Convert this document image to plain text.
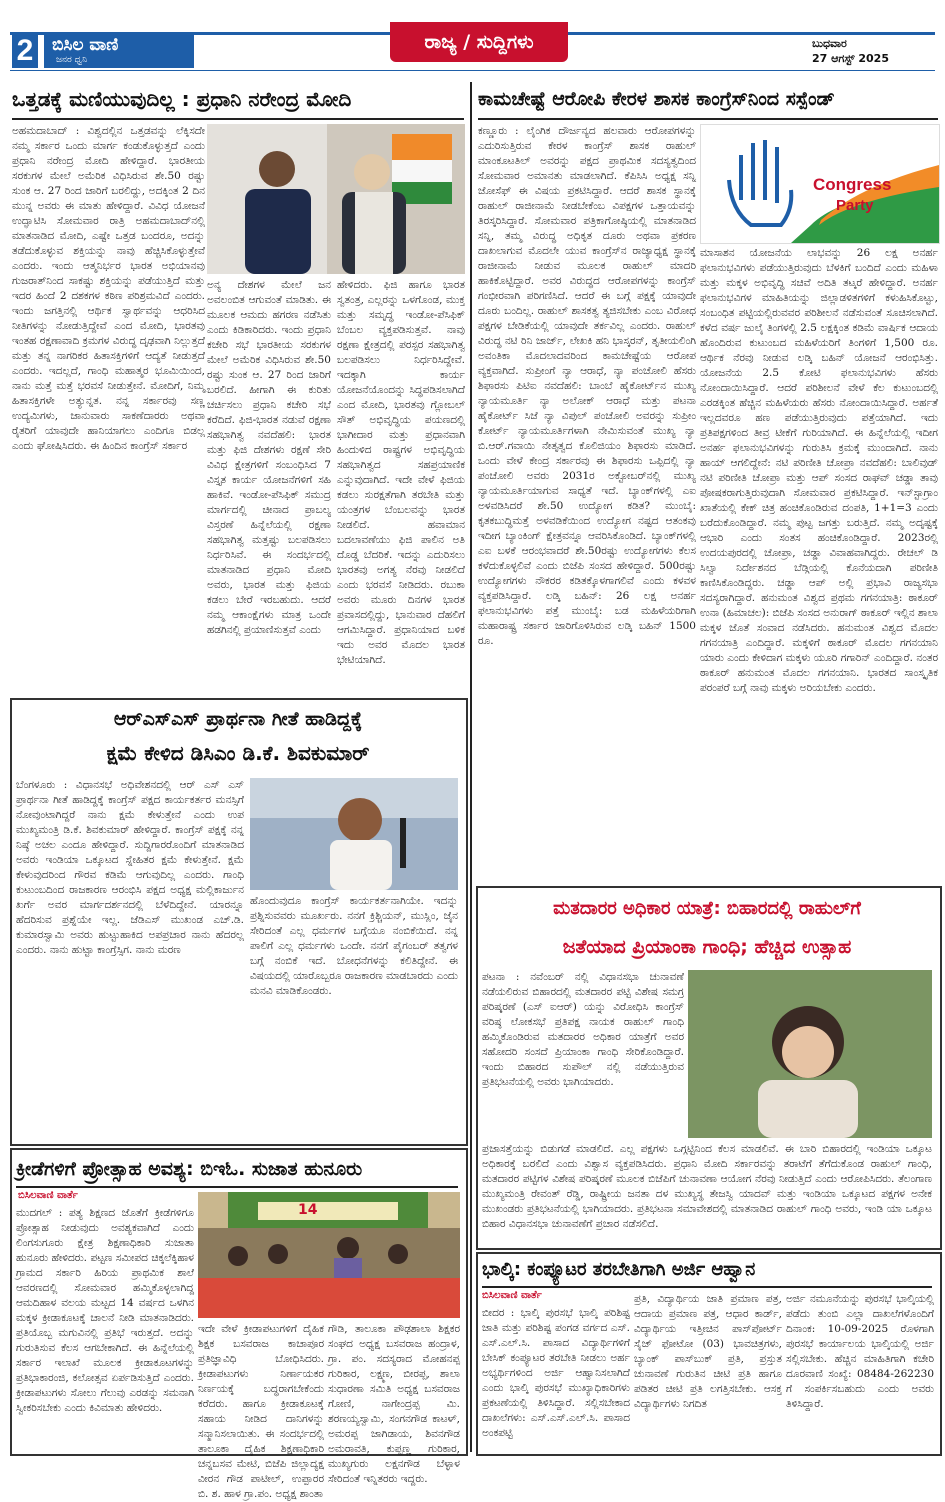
2 ಬಿಸಿಲ ವಾಣಿ
ಜನರ ಧ್ವನಿ
ರಾಜ್ಯ / ಸುದ್ದಿಗಳು	ಬುಧವಾರ
27 ಆಗಸ್ಟ್ 2025
ಒತ್ತಡಕ್ಕೆ ಮಣಿಯುವುದಿಲ್ಲ : ಪ್ರಧಾನಿ ನರೇಂದ್ರ ಮೋದಿ
ಅಹಮದಾಬಾದ್ : ವಿಶ್ವದಲ್ಲಿನ ಒತ್ತಡವನ್ನು ಲೆಕ್ಕಿಸದೇ ನಮ್ಮ ಸರ್ಕಾರ ಒಂದು ಮಾರ್ಗ ಕಂಡುಕೊಳ್ಳುತ್ತದೆ ಎಂದು ಪ್ರಧಾನಿ ನರೇಂದ್ರ ಮೋದಿ ಹೇಳಿದ್ದಾರೆ. ಭಾರತೀಯ ಸರಕುಗಳ ಮೇಲೆ ಅಮೆರಿಕ ವಿಧಿಸಿರುವ ಶೇ.50 ರಷ್ಟು ಸುಂಕ ಆ. 27 ರಿಂದ ಜಾರಿಗೆ ಬರಲಿದ್ದು, ಅದಕ್ಕಿಂತ 2 ದಿನ ಮುನ್ನ ಅವರು ಈ ಮಾತು ಹೇಳಿದ್ದಾರೆ. ವಿವಿಧ ಯೋಜನೆ ಉದ್ಘಾಟಿಸಿ ಸೋಮವಾರ ರಾತ್ರಿ ಅಹಮದಾಬಾದ್‌ನಲ್ಲಿ ಮಾತನಾಡಿದ ಮೋದಿ, ಎಷ್ಟೇ ಒತ್ತಡ ಬಂದರೂ, ಅದನ್ನು ತಡೆದುಕೊಳ್ಳುವ ಶಕ್ತಿಯನ್ನು ನಾವು ಹೆಚ್ಚಿಸಿಕೊಳ್ಳುತ್ತೇವೆ ಎಂದರು. ಇಂದು ಆತ್ಮನಿರ್ಭರ ಭಾರತ ಅಭಿಯಾನವು ಗುಜರಾತ್‌ನಿಂದ ಸಾಕಷ್ಟು ಶಕ್ತಿಯನ್ನು ಪಡೆಯುತ್ತಿದೆ ಮತ್ತು ಇದರ ಹಿಂದೆ 2 ದಶಕಗಳ ಕಠಿಣ ಪರಿಶ್ರಮವಿದೆ ಎಂದರು. ಇಂದು ಜಗತ್ತಿನಲ್ಲಿ ಆರ್ಥಿಕ ಸ್ವಾರ್ಥವನ್ನು ಆಧರಿಸಿದ ನೀತಿಗಳನ್ನು ನೋಡುತ್ತಿದ್ದೇವೆ ಎಂದ ಮೋದಿ, ಭಾರತವು ಇಂತಹ ರಕ್ಷಣಾವಾದಿ ಕ್ರಮಗಳ ವಿರುದ್ಧ ದೃಢವಾಗಿ ನಿಲ್ಲುತ್ತದೆ ಮತ್ತು ತನ್ನ ನಾಗರಿಕರ ಹಿತಾಸಕ್ತಿಗಳಿಗೆ ಆದ್ಯತೆ ನೀಡುತ್ತದೆ ಎಂದರು. ಇದಲ್ಲದೆ, ಗಾಂಧಿ ಮಹಾತ್ಮರ ಭೂಮಿಯಿಂದ, ನಾನು ಮತ್ತೆ ಮತ್ತೆ ಭರವಸೆ ನೀಡುತ್ತೇನೆ. ಮೋದಿಗೆ, ನಿಮ್ಮ ಹಿತಾಸಕ್ತಿಗಳೇ ಅತ್ಯುನ್ನತ. ನನ್ನ ಸರ್ಕಾರವು ಸಣ್ಣ ಉದ್ಯಮಿಗಳು, ಜಾನುವಾರು ಸಾಕಣೆದಾರರು ಅಥವಾ ರೈತರಿಗೆ ಯಾವುದೇ ಹಾನಿಯಾಗಲು ಎಂದಿಗೂ ಬಿಡಲ್ಲ ಎಂದು ಘೋಷಿಸಿದರು. ಈ ಹಿಂದಿನ ಕಾಂಗ್ರೆಸ್ ಸರ್ಕಾರ
ಅನ್ಯ ದೇಶಗಳ ಮೇಲೆ ಜನ ಅವಲಂಬಿತ ಆಗುವಂತೆ ಮಾಡಿತು. ಈ ಮೂಲಕ ಆಮದು ಹಗರಣ ನಡೆಸಿತು ಎಂದು ಕಿಡಿಕಾರಿದರು. ಇಂದು ಪ್ರಧಾನಿ ಕಚೇರಿ ಸಭೆ ಭಾರತೀಯ ಸರಕುಗಳ ಮೇಲೆ ಅಮೆರಿಕ ವಿಧಿಸಿರುವ ಶೇ.50 ರಷ್ಟು ಸುಂಕ ಆ. 27 ರಿಂದ ಜಾರಿಗೆ ಬರಲಿದೆ. ಹೀಗಾಗಿ ಈ ಕುರಿತು ಚರ್ಚಿಸಲು ಪ್ರಧಾನಿ ಕಚೇರಿ ಸಭೆ ಕರೆದಿದೆ. ಫಿಜಿ-ಭಾರತ ನಡುವೆ ರಕ್ಷಣಾ ಸಹಭಾಗಿತ್ವ ನವದೆಹಲಿ: ಭಾರತ ಮತ್ತು ಫಿಜಿ ದೇಶಗಳು ರಕ್ಷಣೆ ಸೇರಿ ವಿವಿಧ ಕ್ಷೇತ್ರಗಳಿಗೆ ಸಂಬಂಧಿಸಿದ 7 ವಿಸ್ತೃತ ಕಾರ್ಯ ಯೋಜನೆಗಳಿಗೆ ಸಹಿ ಹಾಕಿವೆ. ಇಂಡೋ-ಪೆಸಿಫಿಕ್ ಸಮುದ್ರ ಮಾರ್ಗದಲ್ಲಿ ಚೀನಾದ ಪ್ರಾಬಲ್ಯ ವಿಸ್ತರಣೆ ಹಿನ್ನೆಲೆಯಲ್ಲಿ ರಕ್ಷಣಾ ಸಹಭಾಗಿತ್ವ ಮತ್ತಷ್ಟು ಬಲಪಡಿಸಲು ನಿರ್ಧರಿಸಿವೆ. ಈ ಸಂದರ್ಭದಲ್ಲಿ ಮಾತನಾಡಿದ ಪ್ರಧಾನಿ ಮೋದಿ ಅವರು, ಭಾರತ ಮತ್ತು ಫಿಜಿಯ ಕಡಲು ಬೇರೆ ಇರಬಹುದು. ಆದರೆ ನಮ್ಮ ಆಕಾಂಕ್ಷೆಗಳು ಮಾತ್ರ ಒಂದೇ ಹಡಗಿನಲ್ಲಿ ಪ್ರಯಾಣಿಸುತ್ತವೆ ಎಂದು
ಹೇಳಿದರು. ಫಿಜಿ ಹಾಗೂ ಭಾರತ ಸ್ವತಂತ್ರ, ಎಲ್ಲರನ್ನು ಒಳಗೊಂಡ, ಮುಕ್ತ ಮತ್ತು ಸಮೃದ್ಧ ಇಂಡೋ-ಪೆಸಿಫಿಕ್ ಬೆಂಬಲ ವ್ಯಕ್ತಪಡಿಸುತ್ತವೆ. ನಾವು ರಕ್ಷಣಾ ಕ್ಷೇತ್ರದಲ್ಲಿ ಪರಸ್ಪರ ಸಹಭಾಗಿತ್ವ ಬಲಪಡಿಸಲು ನಿರ್ಧರಿಸಿದ್ದೇವೆ. ಇದಕ್ಕಾಗಿ ಕಾರ್ಯ ಯೋಜನೆಯೊಂದನ್ನು ಸಿದ್ಧಪಡಿಸಲಾಗಿದೆ ಎಂದ ಮೋದಿ, ಭಾರತವು ಗ್ಲೋಬಲ್ ಸೌತ್ ಅಭಿವೃದ್ಧಿಯ ಪಯಣದಲ್ಲಿ ಭಾಗೀದಾರ ಮತ್ತು ಪ್ರಧಾನವಾಗಿ ಹಿಂದುಳಿದ ರಾಷ್ಟ್ರಗಳ ಅಭಿವೃದ್ಧಿಯ ಸಹಭಾಗಿತ್ವದ ಸಹಪ್ರಯಾಣಿಕ ಎನ್ನುವುದಾಗಿದೆ. ಇದೇ ವೇಳೆ ಫಿಜಿಯ ಕಡಲು ಸುರಕ್ಷತೆಗಾಗಿ ತರಬೇತಿ ಮತ್ತು ಯಂತ್ರಗಳ ಬೆಂಬಲವನ್ನು ಭಾರತ ನೀಡಲಿದೆ. ಹವಾಮಾನ ಬದಲಾವಣೆಯು ಫಿಜಿ ಪಾಲಿನ ಅತಿ ದೊಡ್ಡ ಬೆದರಿಕೆ. ಇದನ್ನು ಎದುರಿಸಲು ಭಾರತವು ಅಗತ್ಯ ನೆರವು ನೀಡಲಿದೆ ಎಂದು ಭರವಸೆ ನೀಡಿದರು. ರಬುಕಾ ಅವರು ಮೂರು ದಿನಗಳ ಭಾರತ ಪ್ರವಾಸದಲ್ಲಿದ್ದು, ಭಾನುವಾರ ದೆಹಲಿಗೆ ಆಗಮಿಸಿದ್ದಾರೆ. ಪ್ರಧಾನಿಯಾದ ಬಳಿಕ ಇದು ಅವರ ಮೊದಲ ಭಾರತ ಭೇಟಿಯಾಗಿದೆ.
ಕಾಮಚೇಷ್ಟೆ ಆರೋಪಿ ಕೇರಳ ಶಾಸಕ ಕಾಂಗ್ರೆಸ್‌ನಿಂದ ಸಸ್ಪೆಂಡ್
ಕಣ್ಣೂರು : ಲೈಂಗಿಕ ದೌರ್ಜನ್ಯದ ಹಲವಾರು ಆರೋಪಗಳನ್ನು ಎದುರಿಸುತ್ತಿರುವ ಕೇರಳ ಕಾಂಗ್ರೆಸ್ ಶಾಸಕ ರಾಹುಲ್ ಮಾಂಕೂಟತಿಲ್ ಅವರನ್ನು ಪಕ್ಷದ ಪ್ರಾಥಮಿಕ ಸದಸ್ಯತ್ವದಿಂದ ಸೋಮವಾರ ಅಮಾನತು ಮಾಡಲಾಗಿದೆ. ಕೆಪಿಸಿಸಿ ಅಧ್ಯಕ್ಷ ಸನ್ನಿ ಜೋಸೆಫ್ ಈ ವಿಷಯ ಪ್ರಕಟಿಸಿದ್ದಾರೆ. ಆದರೆ ಶಾಸಕ ಸ್ಥಾನಕ್ಕೆ ರಾಹುಲ್ ರಾಜೀನಾಮೆ ನೀಡಬೇಕೆಂಬ ವಿಪಕ್ಷಗಳ ಒತ್ತಾಯವನ್ನು ತಿರಸ್ಕರಿಸಿದ್ದಾರೆ. ಸೋಮವಾರ ಪತ್ರಿಕಾಗೋಷ್ಠಿಯಲ್ಲಿ ಮಾತನಾಡಿದ ಸನ್ನಿ, ತಮ್ಮ ವಿರುದ್ಧ ಅಧಿಕೃತ ದೂರು ಅಥವಾ ಪ್ರಕರಣ ದಾಖಲಾಗುವ ಮೊದಲೇ ಯುವ ಕಾಂಗ್ರೆಸ್‌ನ ರಾಜ್ಯಾಧ್ಯಕ್ಷ ಸ್ಥಾನಕ್ಕೆ ರಾಜೀನಾಮೆ ನೀಡುವ ಮೂಲಕ ರಾಹುಲ್ ಮಾದರಿ ಹಾಕಿಕೊಟ್ಟಿದ್ದಾರೆ. ಅವರ ವಿರುದ್ಧದ ಆರೋಪಗಳನ್ನು ಕಾಂಗ್ರೆಸ್ ಗಂಭೀರವಾಗಿ ಪರಿಗಣಿಸಿದೆ. ಆದರೆ ಈ ಬಗ್ಗೆ ಪಕ್ಷಕ್ಕೆ ಯಾವುದೇ ದೂರು ಬಂದಿಲ್ಲ. ರಾಹುಲ್ ಶಾಸಕತ್ವ ತ್ಯಜಿಸಬೇಕು ಎಂಬ ವಿರೋಧ ಪಕ್ಷಗಳ ಬೇಡಿಕೆಯಲ್ಲಿ ಯಾವುದೇ ತರ್ಕವಿಲ್ಲ ಎಂದರು. ರಾಹುಲ್ ವಿರುದ್ಧ ನಟಿ ರಿನಿ ಜಾರ್ಜ್, ಲೇಖಕಿ ಹನಿ ಭಾಸ್ಕರನ್, ತೃತೀಯಲಿಂಗಿ ಅವಂತಿಕಾ ಮೊದಲಾದವರಿಂದ ಕಾಮಚೇಷ್ಟೆಯ ಆರೋಪ ವ್ಯಕ್ತವಾಗಿದೆ. ಸುಪ್ರೀಂಗೆ ನ್ಯಾ ಆರಾಧೆ, ನ್ಯಾ ಪಂಚೋಲಿ ಹೆಸರು ಶಿಫಾರಸು ಪಿಟಿಐ ನವದೆಹಲಿ: ಬಾಂಬೆ ಹೈಕೋರ್ಟ್‌ನ ಮುಖ್ಯ ನ್ಯಾಯಮೂರ್ತಿ ನ್ಯಾ ಅಲೋಕ್ ಆರಾಧೆ ಮತ್ತು ಪಟನಾ ಹೈಕೋರ್ಟ್ ಸಿಜೆ ನ್ಯಾ ವಿಪುಲ್ ಪಂಚೋಲಿ ಅವರನ್ನು ಸುಪ್ರೀಂ ಕೋರ್ಟ್ ನ್ಯಾಯಮೂರ್ತಿಗಳಾಗಿ ನೇಮಿಸುವಂತೆ ಮುಖ್ಯ ನ್ಯಾ ಬಿ.ಆರ್.ಗವಾಯಿ ನೇತೃತ್ವದ ಕೊಲಿಜಿಯಂ ಶಿಫಾರಸು ಮಾಡಿದೆ. ಒಂದು ವೇಳೆ ಕೇಂದ್ರ ಸರ್ಕಾರವು ಈ ಶಿಫಾರಸು ಒಪ್ಪಿದಲ್ಲಿ ನ್ಯಾ ಪಂಚೋಲಿ ಅವರು 2031ರ ಅಕ್ಟೋಬರ್‌ನಲ್ಲಿ ಮುಖ್ಯ ನ್ಯಾಯಮೂರ್ತಿಯಾಗುವ ಸಾಧ್ಯತೆ ಇದೆ. ಬ್ಯಾಂಕ್‌ಗಳಲ್ಲಿ ಎಐ ಅಳವಡಿಸಿದರೆ ಶೇ.50 ಉದ್ಯೋಗ ಕಡಿತ? ಮುಂಬೈ: ಕೃತಕಬುದ್ಧಿಮತ್ತೆ ಅಳವಡಿಕೆಯಿಂದ ಉದ್ಯೋಗ ನಷ್ಟದ ಆತಂಕವು ಇದೀಗ ಬ್ಯಾಂಕಿಂಗ್ ಕ್ಷೇತ್ರವನ್ನೂ ಆವರಿಸಿಕೊಂಡಿದೆ. ಬ್ಯಾಂಕ್‌ಗಳಲ್ಲಿ ಎಐ ಬಳಕೆ ಆರಂಭವಾದರೆ ಶೇ.50ರಷ್ಟು ಉದ್ಯೋಗಗಳು ಕೆಲಸ ಕಳೆದುಕೊಳ್ಳಲಿವೆ ಎಂದು ಬಿಜೆಪಿ ಸಂಸದ ಹೇಳಿದ್ದಾರೆ. 500ರಷ್ಟು ಉದ್ಯೋಗಗಳು ನೌಕರರ ಕಡಿತಕ್ಕೊಳಗಾಗಲಿವೆ ಎಂದು ಕಳವಳ ವ್ಯಕ್ತಪಡಿಸಿದ್ದಾರೆ. ಲಡ್ಕಿ ಬಹಿನ್: 26 ಲಕ್ಷ ಅನರ್ಹ ಫಲಾನುಭವಿಗಳು ಪತ್ತೆ ಮುಂಬೈ: ಬಡ ಮಹಿಳೆಯರಿಗಾಗಿ ಮಹಾರಾಷ್ಟ್ರ ಸರ್ಕಾರ ಜಾರಿಗೊಳಿಸಿರುವ ಲಡ್ಕಿ ಬಹಿನ್ 1500 ರೂ.
Congress
Party
ಮಾಸಾಶನ ಯೋಜನೆಯ ಲಾಭವನ್ನು 26 ಲಕ್ಷ ಅನರ್ಹ ಫಲಾನುಭವಿಗಳು ಪಡೆಯುತ್ತಿರುವುದು ಬೆಳಕಿಗೆ ಬಂದಿದೆ ಎಂದು ಮಹಿಳಾ ಮತ್ತು ಮಕ್ಕಳ ಅಭಿವೃದ್ಧಿ ಸಚಿವೆ ಅದಿತಿ ತಟ್ಕರೆ ಹೇಳಿದ್ದಾರೆ. ಅನರ್ಹ ಫಲಾನುಭವಿಗಳ ಮಾಹಿತಿಯನ್ನು ಜಿಲ್ಲಾಡಳಿತಗಳಿಗೆ ಕಳುಹಿಸಿಕೊಟ್ಟು, ಸಂಬಂಧಿತ ಪಟ್ಟಿಯಲ್ಲಿರುವವರ ಪರಿಶೀಲನೆ ನಡೆಸುವಂತೆ ಸೂಚಿಸಲಾಗಿದೆ. ಕಳೆದ ವರ್ಷ ಜುಲೈ ತಿಂಗಳಲ್ಲಿ 2.5 ಲಕ್ಷಕ್ಕಿಂತ ಕಡಿಮೆ ವಾರ್ಷಿಕ ಆದಾಯ ಹೊಂದಿರುವ ಕುಟುಂಬದ ಮಹಿಳೆಯರಿಗೆ ತಿಂಗಳಿಗೆ 1,500 ರೂ. ಆರ್ಥಿಕ ನೆರವು ನೀಡುವ ಲಡ್ಕಿ ಬಹಿನ್ ಯೋಜನೆ ಆರಂಭಿಸಿತ್ತು. ಯೋಜನೆಯ 2.5 ಕೋಟಿ ಫಲಾನುಭವಿಗಳು ಹೆಸರು ನೋಂದಾಯಿಸಿದ್ದಾರೆ. ಆದರೆ ಪರಿಶೀಲನೆ ವೇಳೆ ಕೆಲ ಕುಟುಂಬದಲ್ಲಿ ಎರಡಕ್ಕಿಂತ ಹೆಚ್ಚಿನ ಮಹಿಳೆಯರು ಹೆಸರು ನೋಂದಾಯಿಸಿದ್ದಾರೆ. ಅರ್ಹತೆ ಇಲ್ಲದವರೂ ಹಣ ಪಡೆಯುತ್ತಿರುವುದು ಪತ್ತೆಯಾಗಿದೆ. ಇದು ಪ್ರತಿಪಕ್ಷಗಳಿಂದ ತೀವ್ರ ಟೀಕೆಗೆ ಗುರಿಯಾಗಿದೆ. ಈ ಹಿನ್ನೆಲೆಯಲ್ಲಿ ಇದೀಗ ಅನರ್ಹ ಫಲಾನುಭವಿಗಳನ್ನು ಗುರುತಿಸಿ ಕ್ರಮಕ್ಕೆ ಮುಂದಾಗಿದೆ. ನಾನು ಹಾಯ್ ಆಗಲಿದ್ದೇನೆ: ನಟಿ ಪರಿಣೀತಿ ಚೋಪ್ರಾ ನವದೆಹಲಿ: ಬಾಲಿವುಡ್ ನಟಿ ಪರಿಣೀತಿ ಚೋಪ್ರಾ ಮತ್ತು ಆಪ್ ಸಂಸದ ರಾಘವ್ ಚಡ್ಡಾ ತಾವು ಪೋಷಕರಾಗುತ್ತಿರುವುದಾಗಿ ಸೋಮವಾರ ಪ್ರಕಟಿಸಿದ್ದಾರೆ. ಇನ್‌ಸ್ಟಾಗ್ರಾಂ ಖಾತೆಯಲ್ಲಿ ಕೇಕ್ ಚಿತ್ರ ಹಂಚಿಕೊಂಡಿರುವ ದಂಪತಿ, 1+1=3 ಎಂದು ಬರೆದುಕೊಂಡಿದ್ದಾರೆ. ನಮ್ಮ ಪುಟ್ಟ ಜಗತ್ತು ಬರುತ್ತಿದೆ. ನಮ್ಮ ಅದೃಷ್ಟಕ್ಕೆ ಆಭಾರಿ ಎಂದು ಸಂತಸ ಹಂಚಿಕೊಂಡಿದ್ದಾರೆ. 2023ರಲ್ಲಿ ಉದಯಪುರದಲ್ಲಿ ಚೋಪ್ರಾ, ಚಡ್ಡಾ ವಿವಾಹವಾಗಿದ್ದರು. ರೇಚಲ್ ಡಿ ಸಿಲ್ವಾ ನಿರ್ದೇಶನದ ಬೆಡ್ಗಿಯಲ್ಲಿ ಕೊನೆಯದಾಗಿ ಪರಿಣೀತಿ ಕಾಣಿಸಿಕೊಂಡಿದ್ದರು. ಚಡ್ಡಾ ಆಪ್ ಅಲ್ಲಿ ಪ್ರಭಾವಿ ರಾಜ್ಯಸಭಾ ಸದಸ್ಯರಾಗಿದ್ದಾರೆ. ಹನುಮಂತ ವಿಶ್ವದ ಪ್ರಥಮ ಗಗನಯಾತ್ರಿ: ಠಾಕೂರ್ ಉನಾ (ಹಿಮಾಚಲ): ಬಿಜೆಪಿ ಸಂಸದ ಅನುರಾಗ್ ಠಾಕೂರ್ ಇಲ್ಲಿನ ಶಾಲಾ ಮಕ್ಕಳ ಜೊತೆ ಸಂವಾದ ನಡೆಸಿದರು. ಹನುಮಂತ ವಿಶ್ವದ ಮೊದಲ ಗಗನಯಾತ್ರಿ ಎಂದಿದ್ದಾರೆ. ಮಕ್ಕಳಿಗೆ ಠಾಕೂರ್ ಮೊದಲ ಗಗನಯಾನಿ ಯಾರು ಎಂದು ಕೇಳಿದಾಗ ಮಕ್ಕಳು ಯೂರಿ ಗಗಾರಿನ್ ಎಂದಿದ್ದಾರೆ. ನಂತರ ಠಾಕೂರ್ ಹನುಮಂತ ಮೊದಲ ಗಗನಯಾನಿ. ಭಾರತದ ಸಾಂಸ್ಕೃತಿಕ ಪರಂಪರೆ ಬಗ್ಗೆ ನಾವು ಮಕ್ಕಳು ಅರಿಯಬೇಕು ಎಂದರು.
ಆರ್‌ಎಸ್‌ಎಸ್ ಪ್ರಾರ್ಥನಾ ಗೀತೆ ಹಾಡಿದ್ದಕ್ಕೆ
ಕ್ಷಮೆ ಕೇಳಿದ ಡಿಸಿಎಂ ಡಿ.ಕೆ. ಶಿವಕುಮಾರ್
ಬೆಂಗಳೂರು : ವಿಧಾನಸಭೆ ಅಧಿವೇಶನದಲ್ಲಿ ಆರ್ ಎಸ್ ಎಸ್ ಪ್ರಾರ್ಥನಾ ಗೀತೆ ಹಾಡಿದ್ದಕ್ಕೆ ಕಾಂಗ್ರೆಸ್ ಪಕ್ಷದ ಕಾರ್ಯಕರ್ತರ ಮನಸ್ಸಿಗೆ ನೋವುಂಟಾಗಿದ್ದರೆ ನಾನು ಕ್ಷಮೆ ಕೇಳುತ್ತೇನೆ ಎಂದು ಉಪ ಮುಖ್ಯಮಂತ್ರಿ ಡಿ.ಕೆ. ಶಿವಕುಮಾರ್ ಹೇಳಿದ್ದಾರೆ. ಕಾಂಗ್ರೆಸ್ ಪಕ್ಷಕ್ಕೆ ನನ್ನ ನಿಷ್ಠೆ ಅಚಲ ಎಂದೂ ಹೇಳಿದ್ದಾರೆ. ಸುದ್ದಿಗಾರರೊಂದಿಗೆ ಮಾತನಾಡಿದ ಅವರು ಇಂಡಿಯಾ ಒಕ್ಕೂಟದ ಸ್ನೇಹಿತರ ಕ್ಷಮೆ ಕೇಳುತ್ತೇನೆ. ಕ್ಷಮೆ ಕೇಳುವುದರಿಂದ ಗೌರವ ಕಡಿಮೆ ಆಗುವುದಿಲ್ಲ ಎಂದರು. ಗಾಂಧಿ ಕುಟುಂಬದಿಂದ ರಾಜಕಾರಣ ಆರಂಭಿಸಿ ಪಕ್ಷದ ಅಧ್ಯಕ್ಷ ಮಲ್ಲಿಕಾರ್ಜುನ ಖರ್ಗೆ ಅವರ ಮಾರ್ಗದರ್ಶನದಲ್ಲಿ ಬೆಳೆದಿದ್ದೇನೆ. ಯಾರನ್ನೂ ಹೆದರಿಸುವ ಪ್ರಶ್ನೆಯೇ ಇಲ್ಲ. ಜೆಡಿಎಸ್ ಮುಖಂಡ ಎಚ್.ಡಿ. ಕುಮಾರಸ್ವಾಮಿ ಅವರು ಹುಟ್ಟುಹಾಕಿದ ಅಪಪ್ರಚಾರ ನಾನು ಹೆದರಲ್ಲ ಎಂದರು. ನಾನು ಹುಟ್ಟಾ ಕಾಂಗ್ರೆಸ್ಸಿಗ. ನಾನು ಮರಣ
ಹೊಂದುವುದೂ ಕಾಂಗ್ರೆಸ್ ಕಾರ್ಯಕರ್ತನಾಗಿಯೇ. ಇದನ್ನು ಪ್ರಶ್ನಿಸುವವರು ಮೂರ್ಖರು. ನನಗೆ ಕ್ರಿಶ್ಚಿಯನ್, ಮುಸ್ಲಿಂ, ಜೈನ ಸೇರಿದಂತೆ ಎಲ್ಲ ಧರ್ಮಗಳ ಬಗ್ಗೆಯೂ ನಂಬಿಕೆಯಿದೆ. ನನ್ನ ಪಾಲಿಗೆ ಎಲ್ಲ ಧರ್ಮಗಳು ಒಂದೇ. ನನಗೆ ಪೈಗಂಬರ್ ತತ್ವಗಳ ಬಗ್ಗೆ ನಂಬಿಕೆ ಇದೆ. ಬೋಧನೆಗಳನ್ನು ಕಲಿತಿದ್ದೇನೆ. ಈ ವಿಷಯದಲ್ಲಿ ಯಾರೊಬ್ಬರೂ ರಾಜಕಾರಣ ಮಾಡಬಾರದು ಎಂದು ಮನವಿ ಮಾಡಿಕೊಂಡರು.
ಮತದಾರರ ಅಧಿಕಾರ ಯಾತ್ರೆ: ಬಿಹಾರದಲ್ಲಿ ರಾಹುಲ್‌ಗೆ
ಜತೆಯಾದ ಪ್ರಿಯಾಂಕಾ ಗಾಂಧಿ; ಹೆಚ್ಚಿದ ಉತ್ಸಾಹ
ಪಟನಾ : ನವೆಂಬರ್ ನಲ್ಲಿ ವಿಧಾನಸಭಾ ಚುನಾವಣೆ ನಡೆಯಲಿರುವ ಬಿಹಾರದಲ್ಲಿ ಮತದಾರರ ಪಟ್ಟಿ ವಿಶೇಷ ಸಮಗ್ರ ಪರಿಷ್ಕರಣೆ (ಎಸ್ ಐಆರ್) ಯನ್ನು ವಿರೋಧಿಸಿ ಕಾಂಗ್ರೆಸ್ ವರಿಷ್ಠ ಲೋಕಸಭೆ ಪ್ರತಿಪಕ್ಷ ನಾಯಕ ರಾಹುಲ್ ಗಾಂಧಿ ಹಮ್ಮಿಕೊಂಡಿರುವ ಮತದಾರರ ಅಧಿಕಾರ ಯಾತ್ರೆಗೆ ಅವರ ಸಹೋದರಿ ಸಂಸದೆ ಪ್ರಿಯಾಂಕಾ ಗಾಂಧಿ ಸೇರಿಕೊಂಡಿದ್ದಾರೆ. ಇಂದು ಬಿಹಾರದ ಸುಪೌಲ್ ನಲ್ಲಿ ನಡೆಯುತ್ತಿರುವ ಪ್ರತಿಭಟನೆಯಲ್ಲಿ ಅವರು ಭಾಗಿಯಾದರು.
ಪ್ರಜಾಸತ್ತೆಯನ್ನು ಬಿಡುಗಡೆ ಮಾಡಲಿದೆ. ಎಲ್ಲ ಪಕ್ಷಗಳು ಒಗ್ಗಟ್ಟಿನಿಂದ ಕೆಲಸ ಮಾಡಲಿವೆ. ಈ ಬಾರಿ ಬಿಹಾರದಲ್ಲಿ ಇಂಡಿಯಾ ಒಕ್ಕೂಟ ಅಧಿಕಾರಕ್ಕೆ ಬರಲಿದೆ ಎಂದು ವಿಶ್ವಾಸ ವ್ಯಕ್ತಪಡಿಸಿದರು. ಪ್ರಧಾನಿ ಮೋದಿ ಸರ್ಕಾರವನ್ನು ತರಾಟೆಗೆ ತೆಗೆದುಕೊಂಡ ರಾಹುಲ್ ಗಾಂಧಿ, ಮತದಾರರ ಪಟ್ಟಿಗಳ ವಿಶೇಷ ಪರಿಷ್ಕರಣೆ ಮೂಲಕ ಬಿಜೆಪಿಗೆ ಚುನಾವಣಾ ಆಯೋಗ ನೆರವು ನೀಡುತ್ತಿದೆ ಎಂದು ಆರೋಪಿಸಿದರು. ತೆಲಂಗಾಣ ಮುಖ್ಯಮಂತ್ರಿ ರೇವಂತ್ ರೆಡ್ಡಿ, ರಾಷ್ಟ್ರೀಯ ಜನತಾ ದಳ ಮುಖ್ಯಸ್ಥ ತೇಜಸ್ವಿ ಯಾದವ್ ಮತ್ತು ಇಂಡಿಯಾ ಒಕ್ಕೂಟದ ಪಕ್ಷಗಳ ಅನೇಕ ಮುಖಂಡರು ಪ್ರತಿಭಟನೆಯಲ್ಲಿ ಭಾಗಿಯಾದರು. ಪ್ರತಿಭಟನಾ ಸಮಾವೇಶದಲ್ಲಿ ಮಾತನಾಡಿದ ರಾಹುಲ್ ಗಾಂಧಿ ಅವರು, ಇಂಡಿ ಯಾ ಒಕ್ಕೂಟ ಬಿಹಾರ ವಿಧಾನಸಭಾ ಚುನಾವಣೆಗೆ ಪ್ರಚಾರ ನಡೆಸಲಿದೆ.
ಕ್ರೀಡೆಗಳಿಗೆ ಪ್ರೋತ್ಸಾಹ ಅವಶ್ಯ: ಬಿಇಓ. ಸುಜಾತ ಹುನೂರು
ಬಿಸಿಲವಾಣಿ ವಾರ್ತೆ
ಮುದಗಲ್ : ಪತ್ಯ ಶಿಕ್ಷಣದ ಜೊತೆಗೆ ಕ್ರೀಡೆಗಳಿಗೂ ಪ್ರೋತ್ಸಾಹ ನೀಡುವುದು ಅವಶ್ಯಕವಾಗಿದೆ ಎಂದು ಲಿಂಗಸುಗೂರು ಕ್ಷೇತ್ರ ಶಿಕ್ಷಣಾಧಿಕಾರಿ ಸುಜಾತಾ ಹುನೂರು ಹೇಳಿದರು. ಪಟ್ಟಣ ಸಮೀಪದ ಚಿಕ್ಕಲೆಕ್ಕಿಹಾಳ ಗ್ರಾಮದ ಸರ್ಕಾರಿ ಹಿರಿಯ ಪ್ರಾಥಮಿಕ ಶಾಲೆ ಆವರಣದಲ್ಲಿ ಸೋಮವಾರ ಹಮ್ಮಿಕೊಳ್ಳಲಾಗಿದ್ದ ಆಮದಿಹಾಳ ವಲಯ ಮಟ್ಟದ 14 ವರ್ಷದ ಒಳಗಿನ ಮಕ್ಕಳ ಕ್ರೀಡಾಕೂಟಕ್ಕೆ ಚಾಲನೆ ನೀಡಿ ಮಾತನಾಡಿದರು. ಪ್ರತಿಯೊಬ್ಬ ಮಗುವಿನಲ್ಲಿ ಪ್ರತಿಭೆ ಇರುತ್ತದೆ. ಅದನ್ನು ಗುರುತಿಸುವ ಕೆಲಸ ಆಗಬೇಕಾಗಿದೆ. ಈ ಹಿನ್ನೆಲೆಯಲ್ಲಿ ಸರ್ಕಾರ ಇಲಾಖೆ ಮೂಲಕ ಕ್ರೀಡಾಕೂಟಗಳನ್ನು ಪ್ರತಿಭಾಕಾರಂಜಿ, ಕಲೋತ್ಸವ ಏರ್ಪಡಿಸುತ್ತಿದೆ ಎಂದರು. ಕ್ರೀಡಾಪಟುಗಳು ಸೋಲು ಗೆಲುವು ಎರಡನ್ನು ಸಮನಾಗಿ ಸ್ವೀಕರಿಸಬೇಕು ಎಂದು ಕಿವಿಮಾತು ಹೇಳಿದರು.
14
ಇದೇ ವೇಳೆ ಕ್ರೀಡಾಪಟುಗಳಿಗೆ ದೈಹಿಕ ಶಿಕ್ಷಕ ಬಸವರಾಜ ಕಾಚಾಪೂರ ಪ್ರತಿಜ್ಞಾವಿಧಿ ಬೋಧಿಸಿದರು. ಕ್ರೀಡಾಪಟುಗಳು ನಿರ್ಣಾಯಕರ ನಿರ್ಣಯಕ್ಕೆ ಬದ್ಧರಾಗಬೇಕೆಂದು ಕರೆದರು. ಹಾಗೂ ಕ್ರೀಡಾಕೂಟಕ್ಕೆ ಸಹಾಯ ನೀಡಿದ ದಾನಿಗಳನ್ನು ಸನ್ಮಾನಿಸಲಾಯಿತು. ಈ ಸಂದರ್ಭದಲ್ಲಿ ತಾಲೂಕಾ ದೈಹಿಕ ಶಿಕ್ಷಣಾಧಿಕಾರಿ ಚನ್ನಬಸವ ಮೇಟಿ, ಬಿಜೆಪಿ ಜಿಲ್ಲಾದ್ಯಕ್ಷ ವೀರನ ಗೌಡ ಪಾಟೀಲ್, ಉಪ್ಪಾರರ ಬಿ. ಶ. ಹಾಳ ಗ್ರಾ.ಪಂ. ಅಧ್ಯಕ್ಷ ಶಾಂತಾ
ಗೌಡಿ, ತಾಲೂಕಾ ಪೌಢಶಾಲಾ ಶಿಕ್ಷಕರ ಸಂಘದ ಅಧ್ಯಕ್ಷ ಬಸವರಾಜ ಹಂದ್ರಾಳ, ಗ್ರಾ. ಪಂ. ಸದಸ್ಯರಾದ ಮೋಹನಪ್ಪ ಗುರಿಕಾರ, ಲಕ್ಷ್ಮಣ, ಬೀರಪ್ಪ, ಶಾಲಾ ಸುಧಾರಣಾ ಸಮಿತಿ ಅಧ್ಯಕ್ಷ ಬಸವರಾಜ ಗೋಣಿ, ನಾಗೇಂದ್ರಪ್ಪ ಮಿ. ಶರಣಯ್ಯಸ್ವಾಮಿ, ಸಂಗನಗೌಡ ಕಾಟಳ್, ಅಮರಪ್ಪ ಜಾಗಿಡಾಯ, ಶಿವನಗೌಡ ಅಮರಾವತಿ, ಕುಪ್ಪಣ್ಣ ಗುರಿಕಾರ, ಮುಖ್ಯಗುರು ಲಕ್ಷನಗೌಡ ಬೆಳ್ಳಾಳ ಸೇರಿದಂತೆ ಇನ್ನಿತರರು ಇದ್ದರು.
ಭಾಲ್ಕಿ: ಕಂಪ್ಯೂಟರ ತರಬೇತಿಗಾಗಿ ಅರ್ಜಿ ಆಹ್ವಾನ
ಬಿಸಿಲವಾಣಿ ವಾರ್ತೆ
ಬೀದರ : ಭಾಲ್ಕಿ ಪುರಸಭೆ ಭಾಲ್ಕಿ ಪರಿಶಿಷ್ಟ ಜಾತಿ ಮತ್ತು ಪರಿಶಿಷ್ಟ ಪಂಗಡ ವರ್ಗದ ಎಸ್. ಎಸ್.ಎಲ್.ಸಿ. ಪಾಸಾದ ವಿದ್ಯಾರ್ಥಿಗಳಿಗೆ ಬೇಸಿಕ್ ಕಂಪ್ಯೂಟರ ತರಬೇತಿ ನೀಡಲು ಅರ್ಹ ಅಭ್ಯರ್ಥಿಗಳಿಂದ ಅರ್ಜಿ ಆಹ್ವಾನಿಸಲಾಗಿದೆ ಎಂದು ಭಾಲ್ಕಿ ಪುರಸಭೆ ಮುಖ್ಯಾಧಿಕಾರಿಗಳು ಪ್ರಕಟಣೆಯಲ್ಲಿ ತಿಳಿಸಿದ್ದಾರೆ. ಸಲ್ಲಿಸಬೇಕಾದ ದಾಖಲೆಗಳು: ಎಸ್.ಎಸ್.ಎಲ್.ಸಿ. ಪಾಸಾದ ಅಂಕಪಟ್ಟಿ
ಪ್ರತಿ, ವಿದ್ಯಾರ್ಥಿಯ ಜಾತಿ ಪ್ರಮಾಣ ಪತ್ರ, ಆದಾಯ ಪ್ರಮಾಣ ಪತ್ರ, ಆಧಾರ ಕಾರ್ಡ್, ವಿದ್ಯಾರ್ಥಿಯ ಇತ್ತೀಚಿನ ಪಾಸ್‌ಪೋರ್ಟ್ ಸೈಜ್ ಫೋಟೋ (03) ಭಾವಚಿತ್ರಗಳು, ಬ್ಯಾಂಕ್ ಪಾಸ್‌ಬುಕ್ ಪ್ರತಿ, ಪ್ರಸ್ತುತ ಚುನಾವಣೆ ಗುರುತಿನ ಚೀಟಿ ಪ್ರತಿ ಹಾಗೂ ಪಡಿತರ ಚೀಟಿ ಪ್ರತಿ ಲಗತ್ತಿಸಬೇಕು. ಆಸಕ್ತ ವಿದ್ಯಾರ್ಥಿಗಳು ನಿಗದಿತ
ಅರ್ಜಿ ನಮೂನೆಯನ್ನು ಪುರಸಭೆ ಭಾಲ್ಕಿಯಲ್ಲಿ ಪಡೆದು ತುಂಬಿ ಎಲ್ಲಾ ದಾಖಲೆಗಳೊಂದಿಗೆ ದಿನಾಂಕ: 10-09-2025 ರೊಳಗಾಗಿ ಪುರಸಭೆ ಕಾರ್ಯಾಲಯ ಭಾಲ್ಕಿಯಲ್ಲಿ ಅರ್ಜಿ ಸಲ್ಲಿಸಬೇಕು. ಹೆಚ್ಚಿನ ಮಾಹಿತಿಗಾಗಿ ಕಚೇರಿ ದೂರವಾಣಿ ಸಂಖ್ಯೆ: 08484-262230 ಗೆ ಸಂಪರ್ಕಿಸಬಹುದು ಎಂದು ಅವರು ತಿಳಿಸಿದ್ದಾರೆ.
